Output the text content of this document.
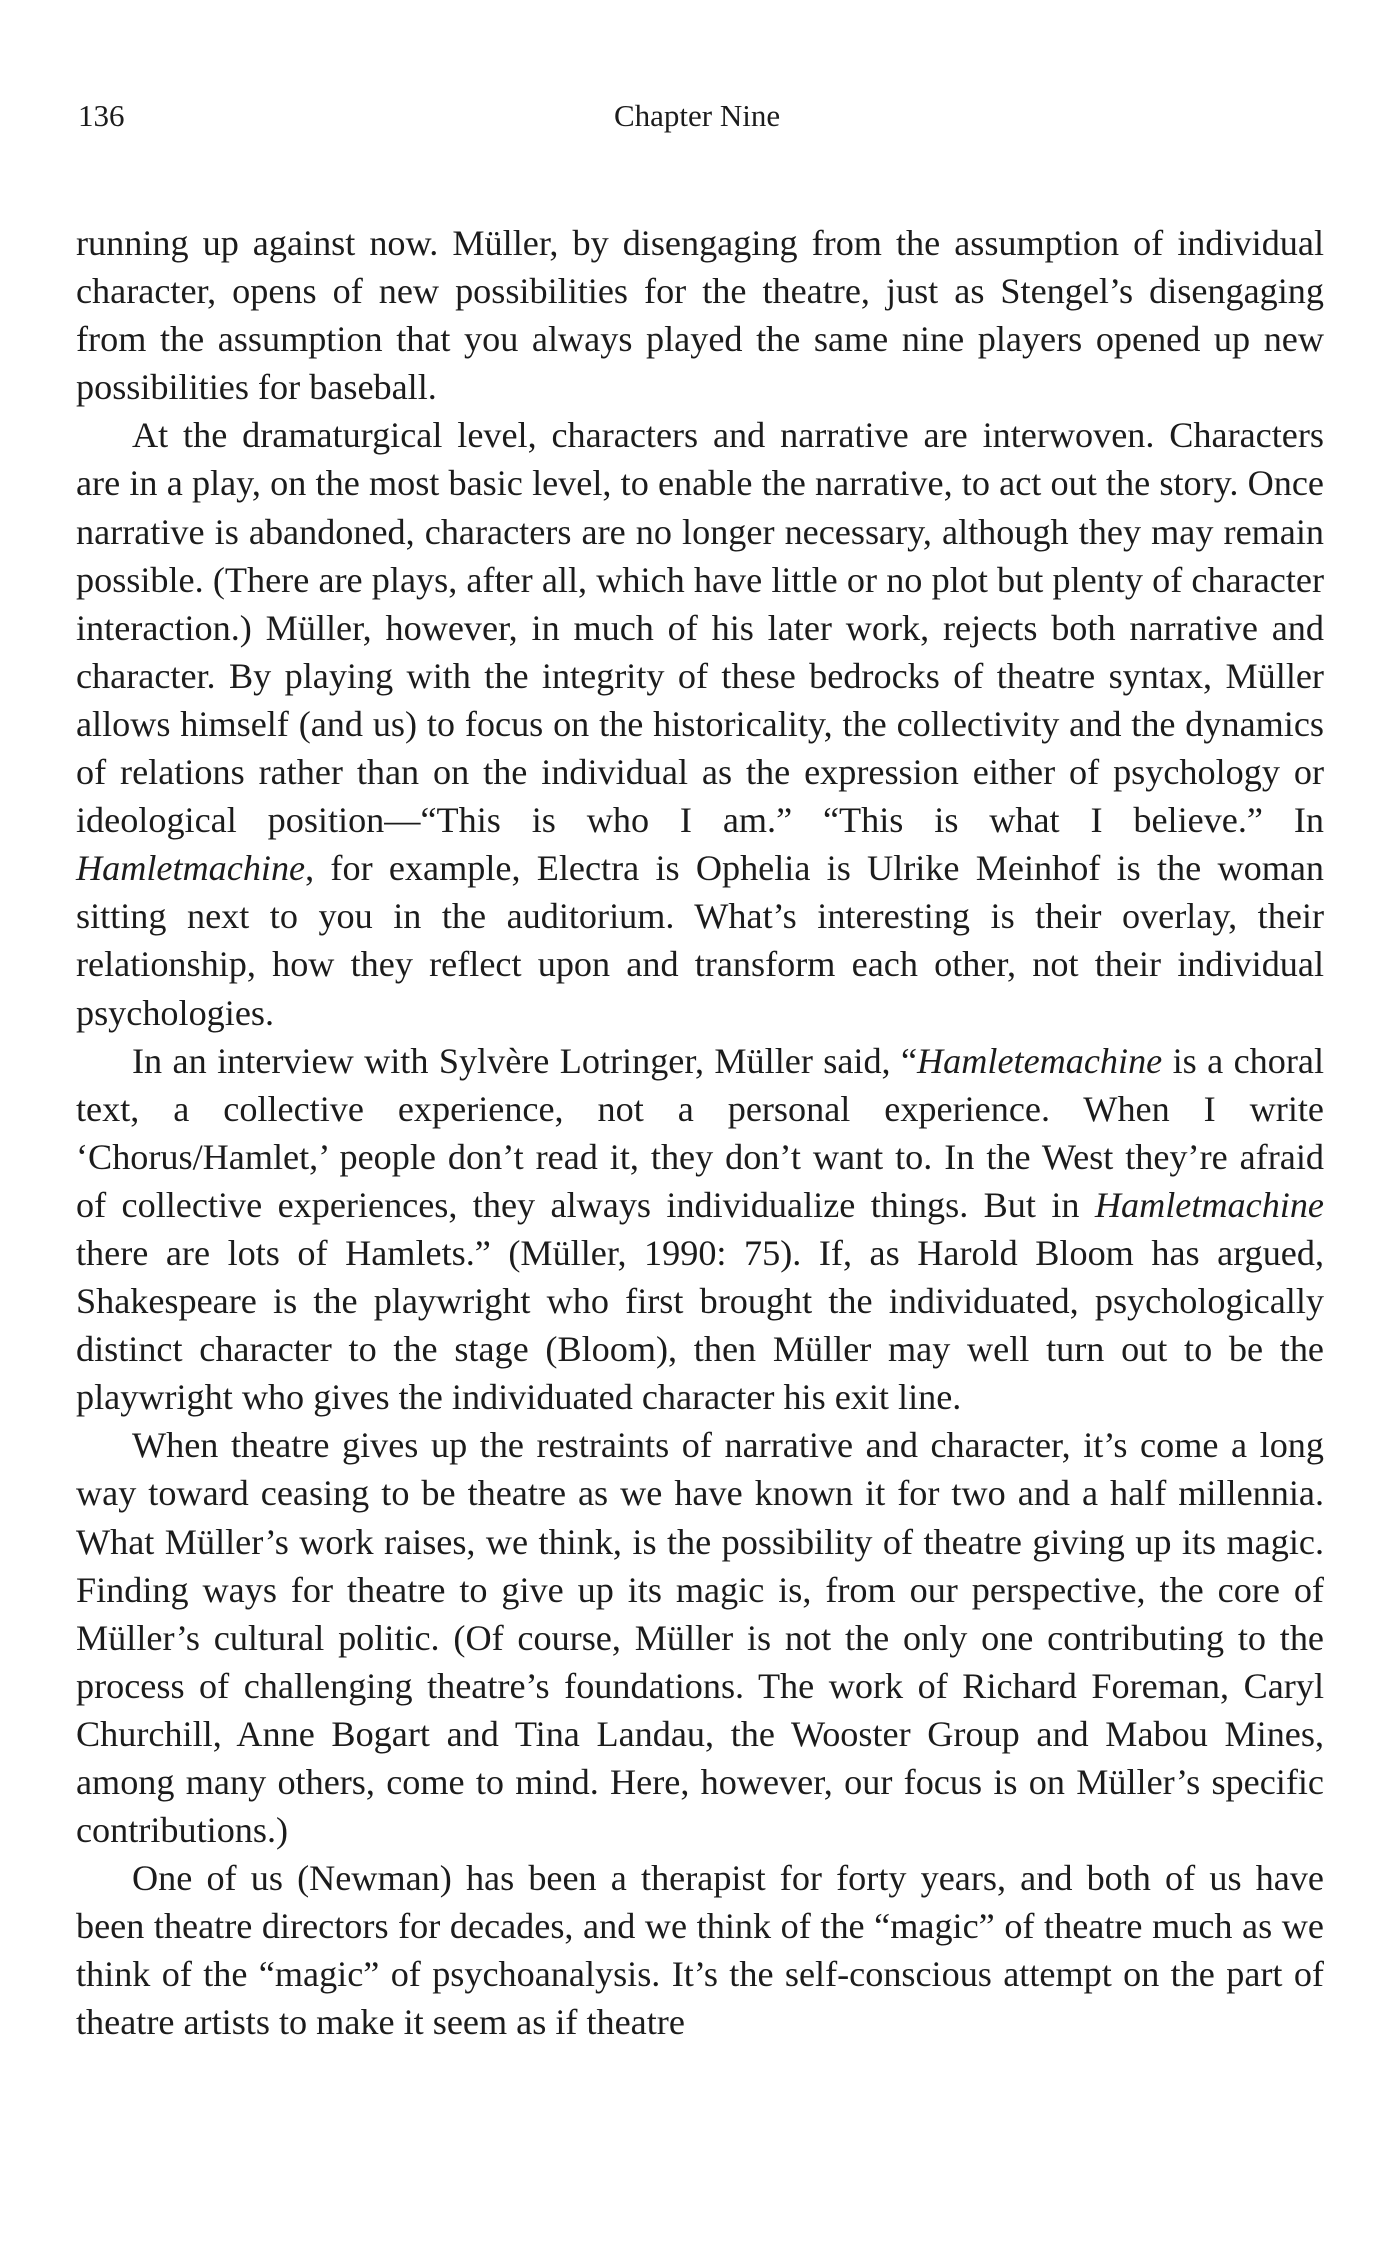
136	Chapter Nine

running up against now. Müller, by disengaging from the assumption of individual character, opens of new possibilities for the theatre, just as Stengel’s disengaging from the assumption that you always played the same nine players opened up new possibilities for baseball.

At the dramaturgical level, characters and narrative are interwoven. Characters are in a play, on the most basic level, to enable the narrative, to act out the story. Once narrative is abandoned, characters are no longer necessary, although they may remain possible. (There are plays, after all, which have little or no plot but plenty of character interaction.) Müller, however, in much of his later work, rejects both narrative and character. By playing with the integrity of these bedrocks of theatre syntax, Müller allows himself (and us) to focus on the historicality, the collectivity and the dynamics of relations rather than on the individual as the expression either of psychology or ideological position—“This is who I am.” “This is what I believe.” In Hamletmachine, for example, Electra is Ophelia is Ulrike Meinhof is the woman sitting next to you in the auditorium. What’s interesting is their overlay, their relationship, how they reflect upon and transform each other, not their individual psychologies.

In an interview with Sylvère Lotringer, Müller said, “Hamletemachine is a choral text, a collective experience, not a personal experience. When I write ‘Chorus/Hamlet,’ people don’t read it, they don’t want to. In the West they’re afraid of collective experiences, they always individualize things. But in Hamletmachine there are lots of Hamlets.” (Müller, 1990: 75). If, as Harold Bloom has argued, Shakespeare is the playwright who first brought the individuated, psychologically distinct character to the stage (Bloom), then Müller may well turn out to be the playwright who gives the individuated character his exit line.

When theatre gives up the restraints of narrative and character, it’s come a long way toward ceasing to be theatre as we have known it for two and a half millennia. What Müller’s work raises, we think, is the possibility of theatre giving up its magic. Finding ways for theatre to give up its magic is, from our perspective, the core of Müller’s cultural politic. (Of course, Müller is not the only one contributing to the process of challenging theatre’s foundations. The work of Richard Foreman, Caryl Churchill, Anne Bogart and Tina Landau, the Wooster Group and Mabou Mines, among many others, come to mind. Here, however, our focus is on Müller’s specific contributions.)

One of us (Newman) has been a therapist for forty years, and both of us have been theatre directors for decades, and we think of the “magic” of theatre much as we think of the “magic” of psychoanalysis. It’s the self-conscious attempt on the part of theatre artists to make it seem as if theatre
